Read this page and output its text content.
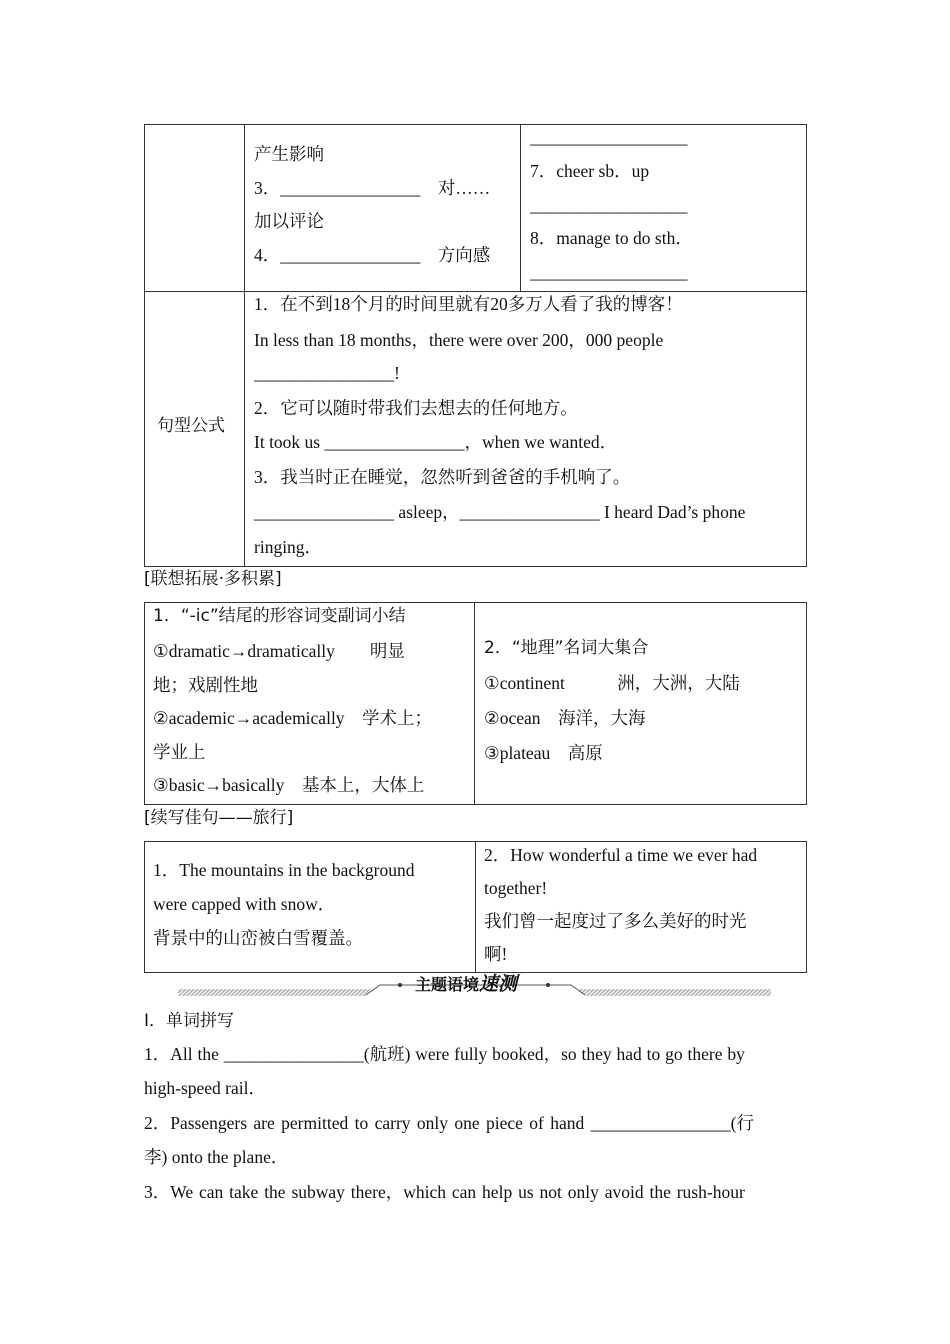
产生影响
3．________________　对……
加以评论
4．________________　方向感
__________________
7．cheer sb．up
__________________
8．manage to do sth．
__________________
句型公式
1．在不到18个月的时间里就有20多万人看了我的博客！
In less than 18 months，there were over 200，000 people
________________!
2．它可以随时带我们去想去的任何地方。
It took us ________________，when we wanted．
3．我当时正在睡觉，忽然听到爸爸的手机响了。
________________ asleep，________________ I heard Dad’s phone
ringing．
[联想拓展·多积累]
1．“-ic”结尾的形容词变副词小结
①dramatic→dramatically　　明显
地；戏剧性地
②academic→academically　学术上；
学业上
③basic→basically　基本上，大体上
2．“地理”名词大集合
①continent　　　洲，大洲，大陆
②ocean　海洋，大海
③plateau　高原
[续写佳句——旅行]
1．The mountains in the background
were capped with snow．
背景中的山峦被白雪覆盖。
2．How wonderful a time we ever had
together!
我们曾一起度过了多么美好的时光
啊!
主题语境速测
Ⅰ．单词拼写
1．All the ________________(航班) were fully booked，so they had to go there by
high-speed rail．
2．Passengers are permitted to carry only one piece of hand ________________(行
李) onto the plane．
3．We can take the subway there，which can help us not only avoid the rush-hour
